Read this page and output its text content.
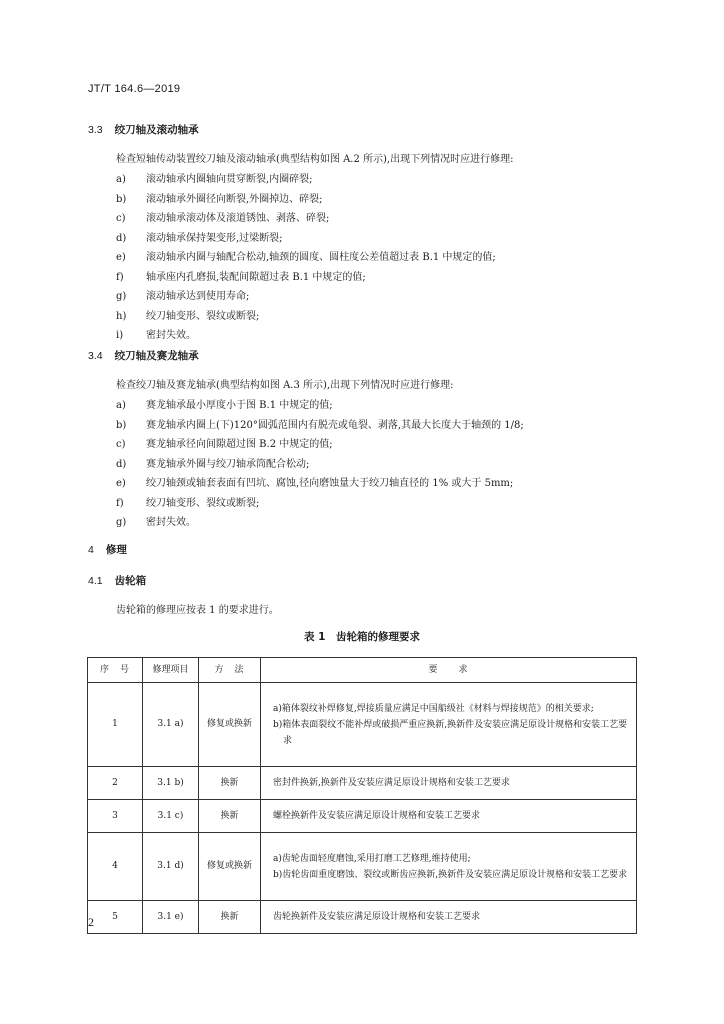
JT/T 164.6—2019
3.3 绞刀轴及滚动轴承
检查短轴传动装置绞刀轴及滚动轴承(典型结构如图 A.2 所示),出现下列情况时应进行修理:
a) 滚动轴承内圈轴向贯穿断裂,内圈碎裂;
b) 滚动轴承外圈径向断裂,外圈掉边、碎裂;
c) 滚动轴承滚动体及滚道锈蚀、剥落、碎裂;
d) 滚动轴承保持架变形,过梁断裂;
e) 滚动轴承内圈与轴配合松动,轴颈的圆度、圆柱度公差值超过表 B.1 中规定的值;
f) 轴承座内孔磨损,装配间隙超过表 B.1 中规定的值;
g) 滚动轴承达到使用寿命;
h) 绞刀轴变形、裂纹或断裂;
i) 密封失效。
3.4 绞刀轴及赛龙轴承
检查绞刀轴及赛龙轴承(典型结构如图 A.3 所示),出现下列情况时应进行修理:
a) 赛龙轴承最小厚度小于图 B.1 中规定的值;
b) 赛龙轴承内圈上(下)120°圆弧范围内有脱壳或龟裂、剥落,其最大长度大于轴颈的 1/8;
c) 赛龙轴承径向间隙超过图 B.2 中规定的值;
d) 赛龙轴承外圈与绞刀轴承筒配合松动;
e) 绞刀轴颈或轴套表面有凹坑、腐蚀,径向磨蚀量大于绞刀轴直径的 1% 或大于 5mm;
f) 绞刀轴变形、裂纹或断裂;
g) 密封失效。
4 修理
4.1 齿轮箱
齿轮箱的修理应按表 1 的要求进行。
表 1　齿轮箱的修理要求
序　号	修理项目	方　法	要　　求
1	3.1 a)	修复或换新	a)箱体裂纹补焊修复,焊接质量应满足中国船级社《材料与焊接规范》的相关要求;
b)箱体表面裂纹不能补焊或破损严重应换新,换新件及安装应满足原设计规格和安装工艺要求

2	3.1 b)	换新	密封件换新,换新件及安装应满足原设计规格和安装工艺要求

3	3.1 c)	换新	螺栓换新件及安装应满足原设计规格和安装工艺要求

4	3.1 d)	修复或换新	a)齿轮齿面轻度磨蚀,采用打磨工艺修理,维持使用;
b)齿轮齿面重度磨蚀、裂纹或断齿应换新,换新件及安装应满足原设计规格和安装工艺要求

5	3.1 e)	换新	齿轮换新件及安装应满足原设计规格和安装工艺要求
2
